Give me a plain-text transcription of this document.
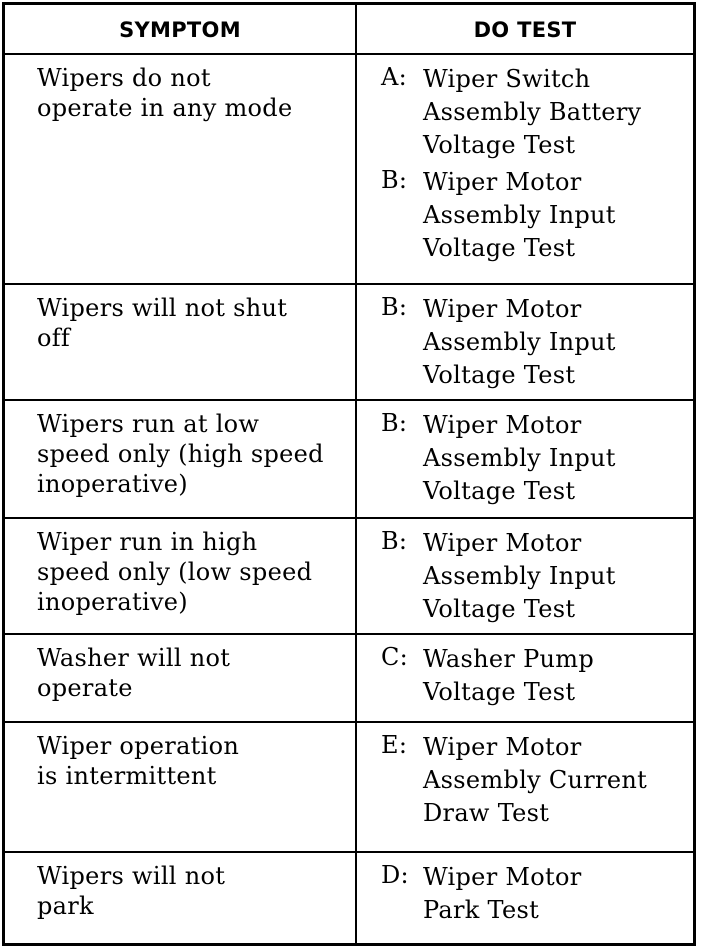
SYMPTOM	DO TEST
Wipers do not
operate in any mode
A: Wiper Switch
Assembly Battery
Voltage Test
B: Wiper Motor
Assembly Input
Voltage Test
Wipers will not shut
off
B: Wiper Motor
Assembly Input
Voltage Test
Wipers run at low
speed only (high speed
inoperative)
B: Wiper Motor
Assembly Input
Voltage Test
Wiper run in high
speed only (low speed
inoperative)
B: Wiper Motor
Assembly Input
Voltage Test
Washer will not
operate
C: Washer Pump
Voltage Test
Wiper operation
is intermittent
E: Wiper Motor
Assembly Current
Draw Test
Wipers will not
park
D: Wiper Motor
Park Test
